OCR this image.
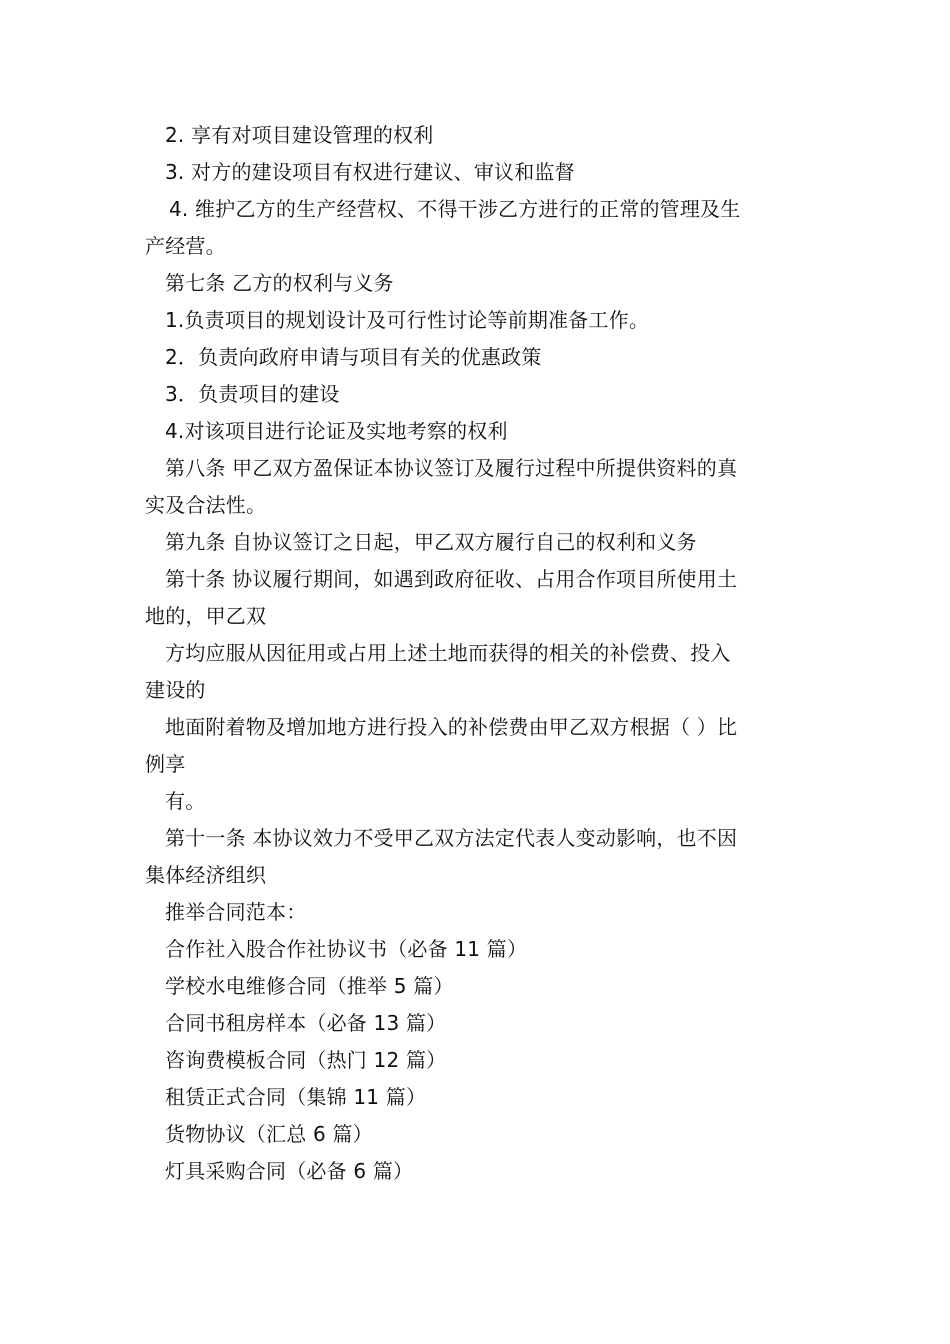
2. 享有对项目建设管理的权利
3. 对方的建设项目有权进行建议、审议和监督
4. 维护乙方的生产经营权、不得干涉乙方进行的正常的管理及生
产经营。
第七条 乙方的权利与义务
1.负责项目的规划设计及可行性讨论等前期准备工作。
2．负责向政府申请与项目有关的优惠政策
3．负责项目的建设
4.对该项目进行论证及实地考察的权利
第八条 甲乙双方盈保证本协议签订及履行过程中所提供资料的真
实及合法性。
第九条 自协议签订之日起，甲乙双方履行自己的权利和义务
第十条 协议履行期间，如遇到政府征收、占用合作项目所使用土
地的，甲乙双
方均应服从因征用或占用上述土地而获得的相关的补偿费、投入
建设的
地面附着物及增加地方进行投入的补偿费由甲乙双方根据（ ）比
例享
有。
第十一条 本协议效力不受甲乙双方法定代表人变动影响，也不因
集体经济组织
推举合同范本：
合作社入股合作社协议书（必备 11 篇）
学校水电维修合同（推举 5 篇）
合同书租房样本（必备 13 篇）
咨询费模板合同（热门 12 篇）
租赁正式合同（集锦 11 篇）
货物协议（汇总 6 篇）
灯具采购合同（必备 6 篇）
